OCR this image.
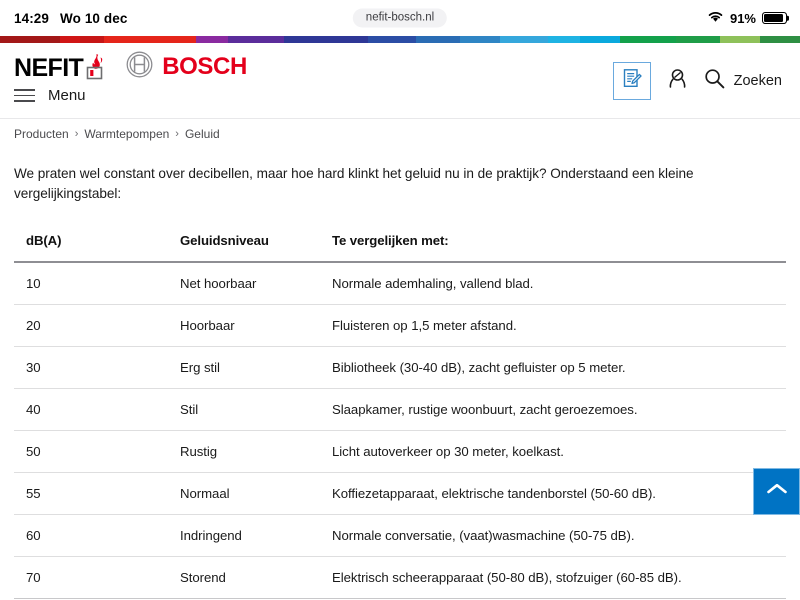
14:29 Wo 10 dec	nefit-bosch.nl	91%
NEFIT	BOSCH
Menu
Zoeken
Producten › Warmtepompen › Geluid

We praten wel constant over decibellen, maar hoe hard klinkt het geluid nu in de praktijk? Onderstaand een kleine vergelijkingstabel:

dB(A)	Geluidsniveau	Te vergelijken met:
10	Net hoorbaar	Normale ademhaling, vallend blad.
20	Hoorbaar	Fluisteren op 1,5 meter afstand.
30	Erg stil	Bibliotheek (30-40 dB), zacht gefluister op 5 meter.
40	Stil	Slaapkamer, rustige woonbuurt, zacht geroezemoes.
50	Rustig	Licht autoverkeer op 30 meter, koelkast.
55	Normaal	Koffiezetapparaat, elektrische tandenborstel (50-60 dB).
60	Indringend	Normale conversatie, (vaat)wasmachine (50-75 dB).
70	Storend	Elektrisch scheerapparaat (50-80 dB), stofzuiger (60-85 dB).
